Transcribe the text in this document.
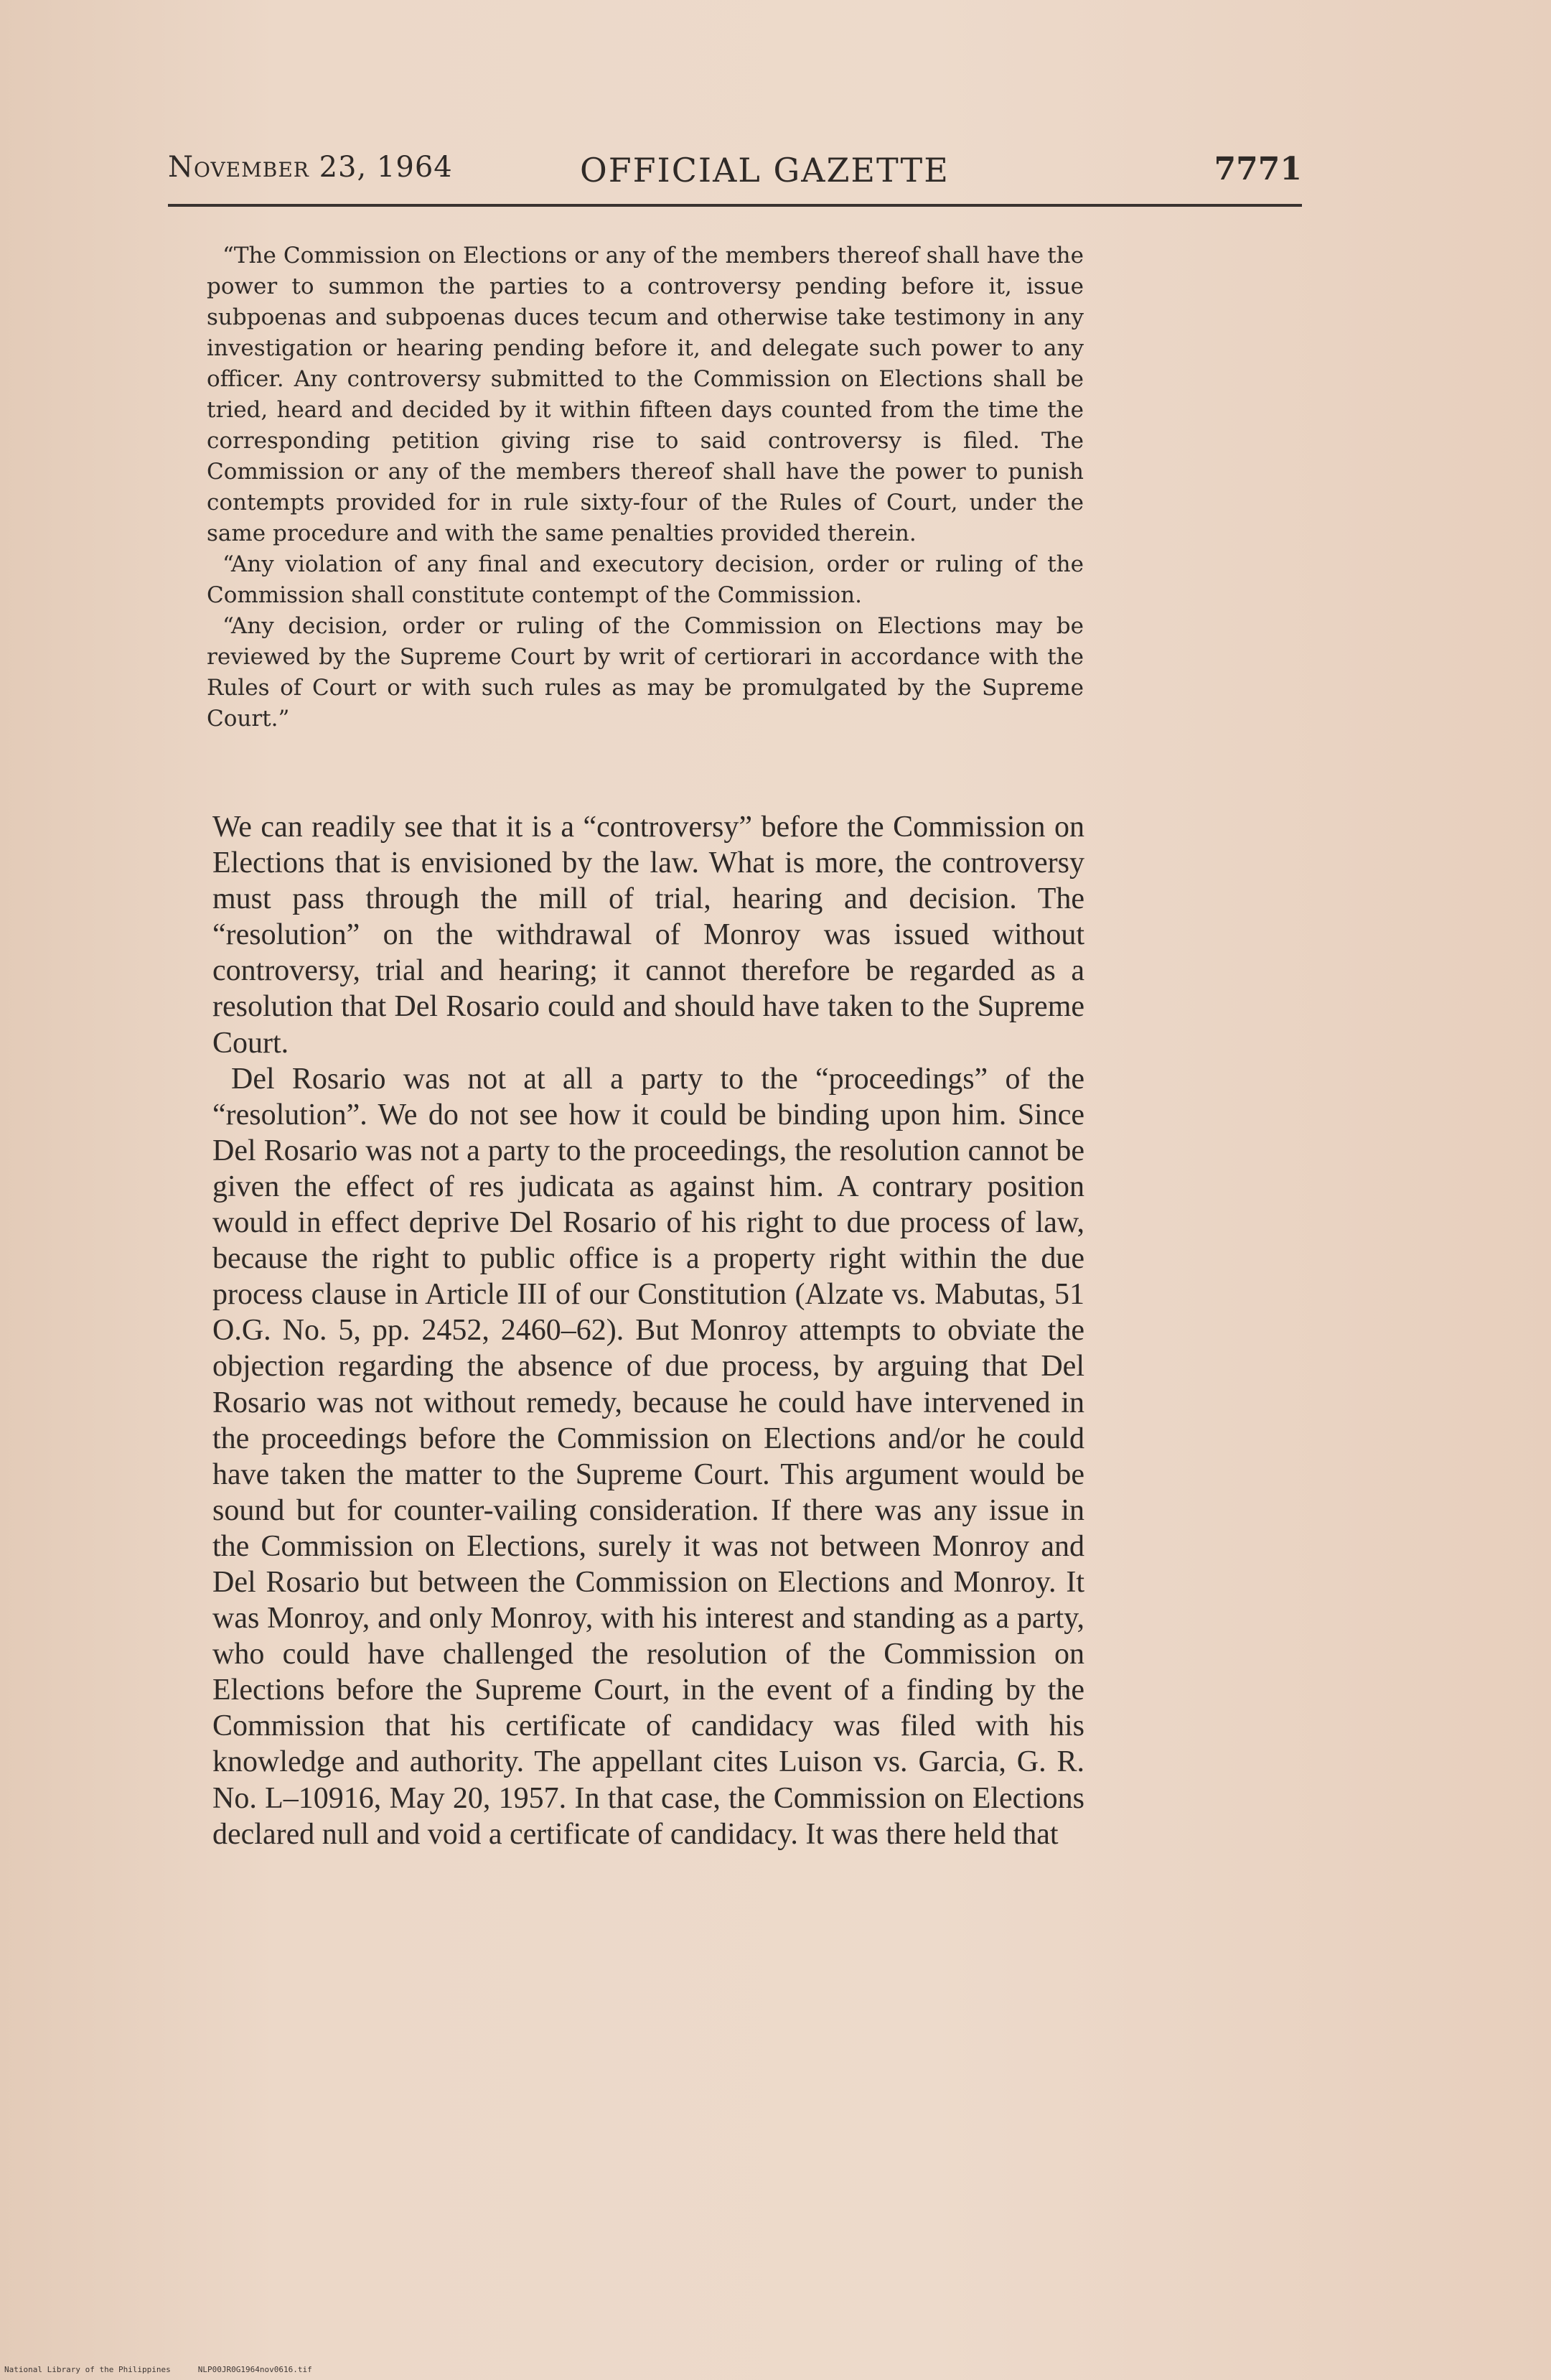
November 23, 1964	OFFICIAL GAZETTE	7771

“The Commission on Elections or any of the members thereof shall have the power to summon the parties to a controversy pending before it, issue subpoenas and subpoenas duces tecum and otherwise take testimony in any investigation or hearing pending before it, and delegate such power to any officer. Any controversy submitted to the Commission on Elections shall be tried, heard and decided by it within fifteen days counted from the time the corresponding petition giving rise to said controversy is filed. The Commission or any of the members thereof shall have the power to punish contempts provided for in rule sixty-four of the Rules of Court, under the same procedure and with the same penalties provided therein.

“Any violation of any final and executory decision, order or ruling of the Commission shall constitute contempt of the Commission.

“Any decision, order or ruling of the Commission on Elections may be reviewed by the Supreme Court by writ of certiorari in accordance with the Rules of Court or with such rules as may be promulgated by the Supreme Court.”

We can readily see that it is a “controversy” before the Commission on Elections that is envisioned by the law. What is more, the controversy must pass through the mill of trial, hearing and decision. The “resolution” on the withdrawal of Monroy was issued without controversy, trial and hearing; it cannot therefore be regarded as a resolution that Del Rosario could and should have taken to the Supreme Court.

Del Rosario was not at all a party to the “proceedings” of the “resolution”. We do not see how it could be binding upon him. Since Del Rosario was not a party to the proceedings, the resolution cannot be given the effect of res judicata as against him. A contrary position would in effect deprive Del Rosario of his right to due process of law, because the right to public office is a property right within the due process clause in Article III of our Constitution (Alzate vs. Mabutas, 51 O.G. No. 5, pp. 2452, 2460–62). But Monroy attempts to obviate the objection regarding the absence of due process, by arguing that Del Rosario was not without remedy, because he could have intervened in the proceedings before the Commission on Elections and/or he could have taken the matter to the Supreme Court. This argument would be sound but for counter-vailing consideration. If there was any issue in the Commission on Elections, surely it was not between Monroy and Del Rosario but between the Commission on Elections and Monroy. It was Monroy, and only Monroy, with his interest and standing as a party, who could have challenged the resolution of the Commission on Elections before the Supreme Court, in the event of a finding by the Commission that his certificate of candidacy was filed with his knowledge and authority. The appellant cites Luison vs. Garcia, G. R. No. L–10916, May 20, 1957. In that case, the Commission on Elections declared null and void a certificate of candidacy. It was there held that

National Library of the Philippines	NLP00JR0G1964nov0616.tif
